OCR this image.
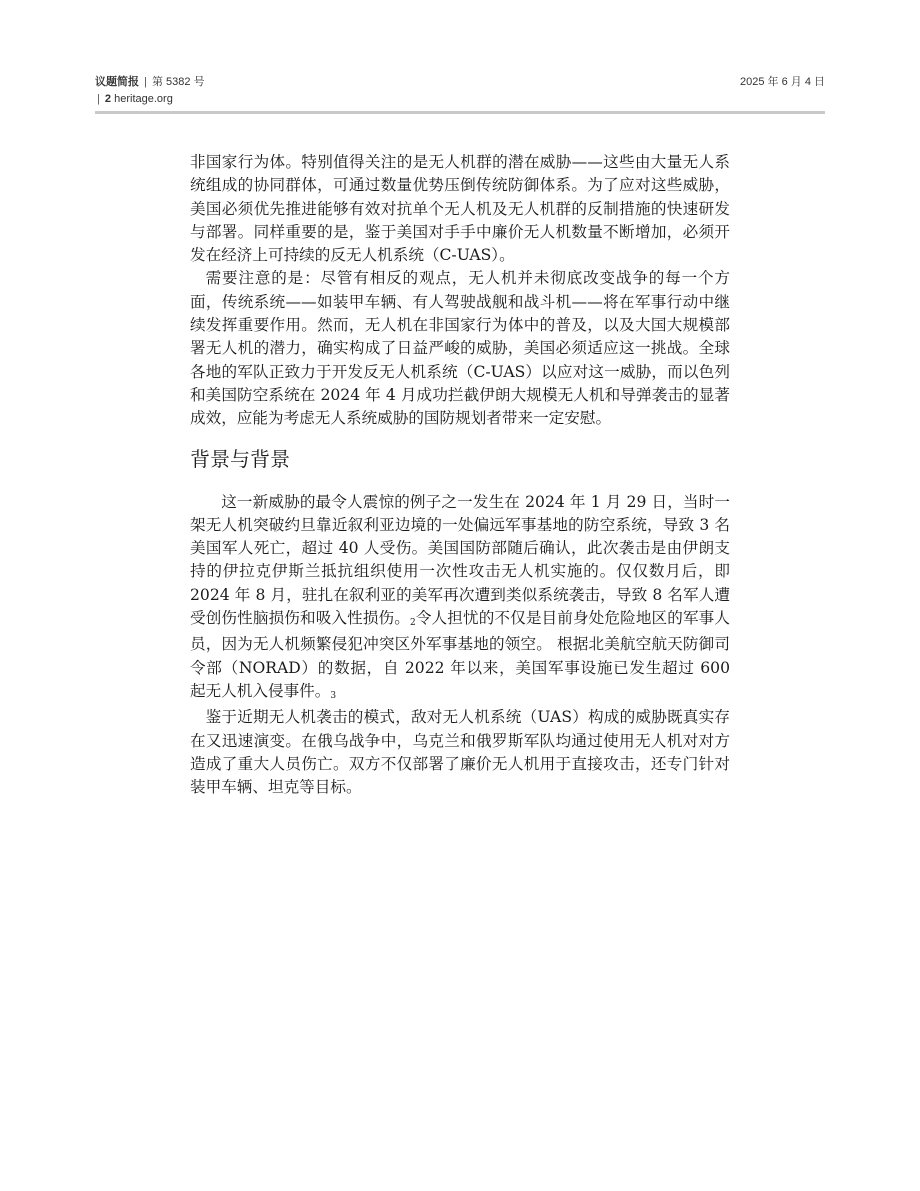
议题简报 | 第 5382 号
| 2 heritage.org
2025 年 6 月 4 日

非国家行为体。特别值得关注的是无人机群的潜在威胁——这些由大量无人系统组成的协同群体，可通过数量优势压倒传统防御体系。为了应对这些威胁，美国必须优先推进能够有效对抗单个无人机及无人机群的反制措施的快速研发与部署。同样重要的是，鉴于美国对手手中廉价无人机数量不断增加，必须开发在经济上可持续的反无人机系统（C-UAS）。

需要注意的是：尽管有相反的观点，无人机并未彻底改变战争的每一个方面，传统系统——如装甲车辆、有人驾驶战舰和战斗机——将在军事行动中继续发挥重要作用。然而，无人机在非国家行为体中的普及，以及大国大规模部署无人机的潜力，确实构成了日益严峻的威胁，美国必须适应这一挑战。全球各地的军队正致力于开发反无人机系统（C-UAS）以应对这一威胁，而以色列和美国防空系统在 2024 年 4 月成功拦截伊朗大规模无人机和导弹袭击的显著成效，应能为考虑无人系统威胁的国防规划者带来一定安慰。

背景与背景

这一新威胁的最令人震惊的例子之一发生在 2024 年 1 月 29 日，当时一架无人机突破约旦靠近叙利亚边境的一处偏远军事基地的防空系统，导致 3 名美国军人死亡，超过 40 人受伤。美国国防部随后确认，此次袭击是由伊朗支持的伊拉克伊斯兰抵抗组织使用一次性攻击无人机实施的。仅仅数月后，即 2024 年 8 月，驻扎在叙利亚的美军再次遭到类似系统袭击，导致 8 名军人遭受创伤性脑损伤和吸入性损伤。$^2$令人担忧的不仅是目前身处危险地区的军事人员，因为无人机频繁侵犯冲突区外军事基地的领空。 根据北美航空航天防御司令部（NORAD）的数据，自 2022 年以来，美国军事设施已发生超过 600 起无人机入侵事件。$^3$

鉴于近期无人机袭击的模式，敌对无人机系统（UAS）构成的威胁既真实存在又迅速演变。在俄乌战争中，乌克兰和俄罗斯军队均通过使用无人机对对方造成了重大人员伤亡。双方不仅部署了廉价无人机用于直接攻击，还专门针对装甲车辆、坦克等目标。
